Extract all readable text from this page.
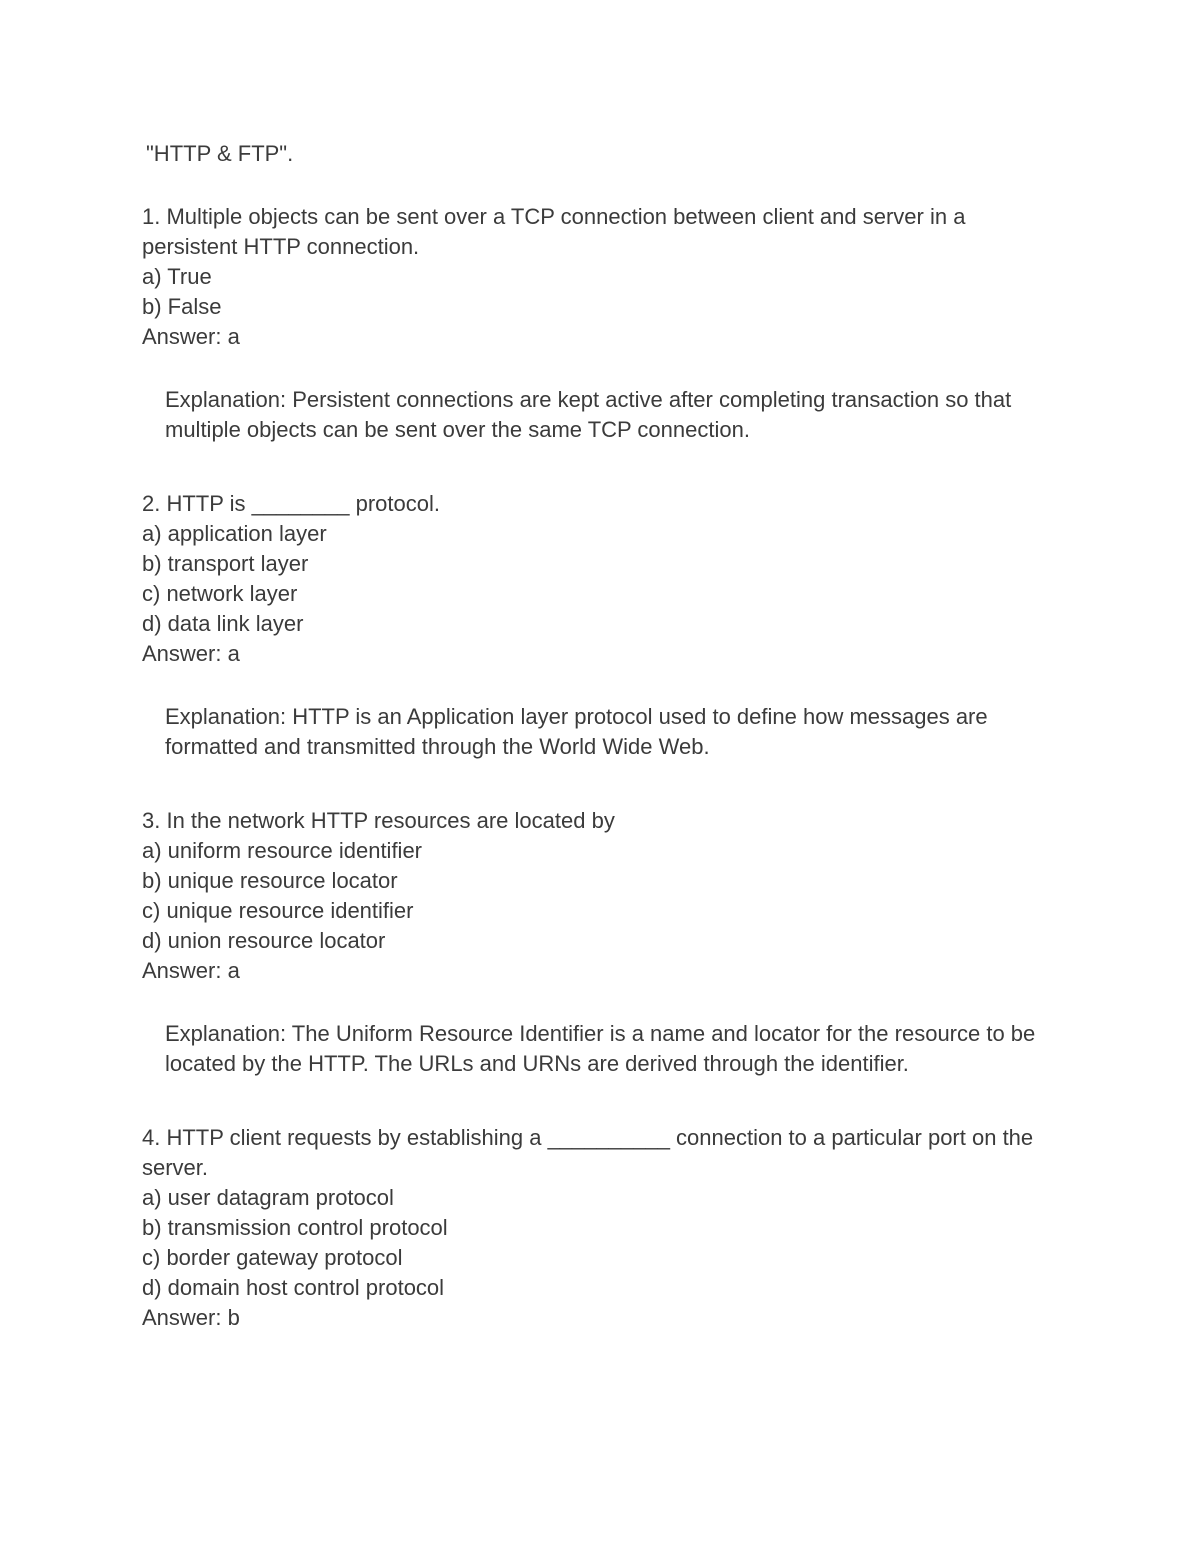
"HTTP & FTP".
1. Multiple objects can be sent over a TCP connection between client and server in a
persistent HTTP connection.
a) True
b) False
Answer: a
Explanation: Persistent connections are kept active after completing transaction so that
multiple objects can be sent over the same TCP connection.
2. HTTP is ________ protocol.
a) application layer
b) transport layer
c) network layer
d) data link layer
Answer: a
Explanation: HTTP is an Application layer protocol used to define how messages are
formatted and transmitted through the World Wide Web.
3. In the network HTTP resources are located by
a) uniform resource identifier
b) unique resource locator
c) unique resource identifier
d) union resource locator
Answer: a
Explanation: The Uniform Resource Identifier is a name and locator for the resource to be
located by the HTTP. The URLs and URNs are derived through the identifier.
4. HTTP client requests by establishing a __________ connection to a particular port on the
server.
a) user datagram protocol
b) transmission control protocol
c) border gateway protocol
d) domain host control protocol
Answer: b
